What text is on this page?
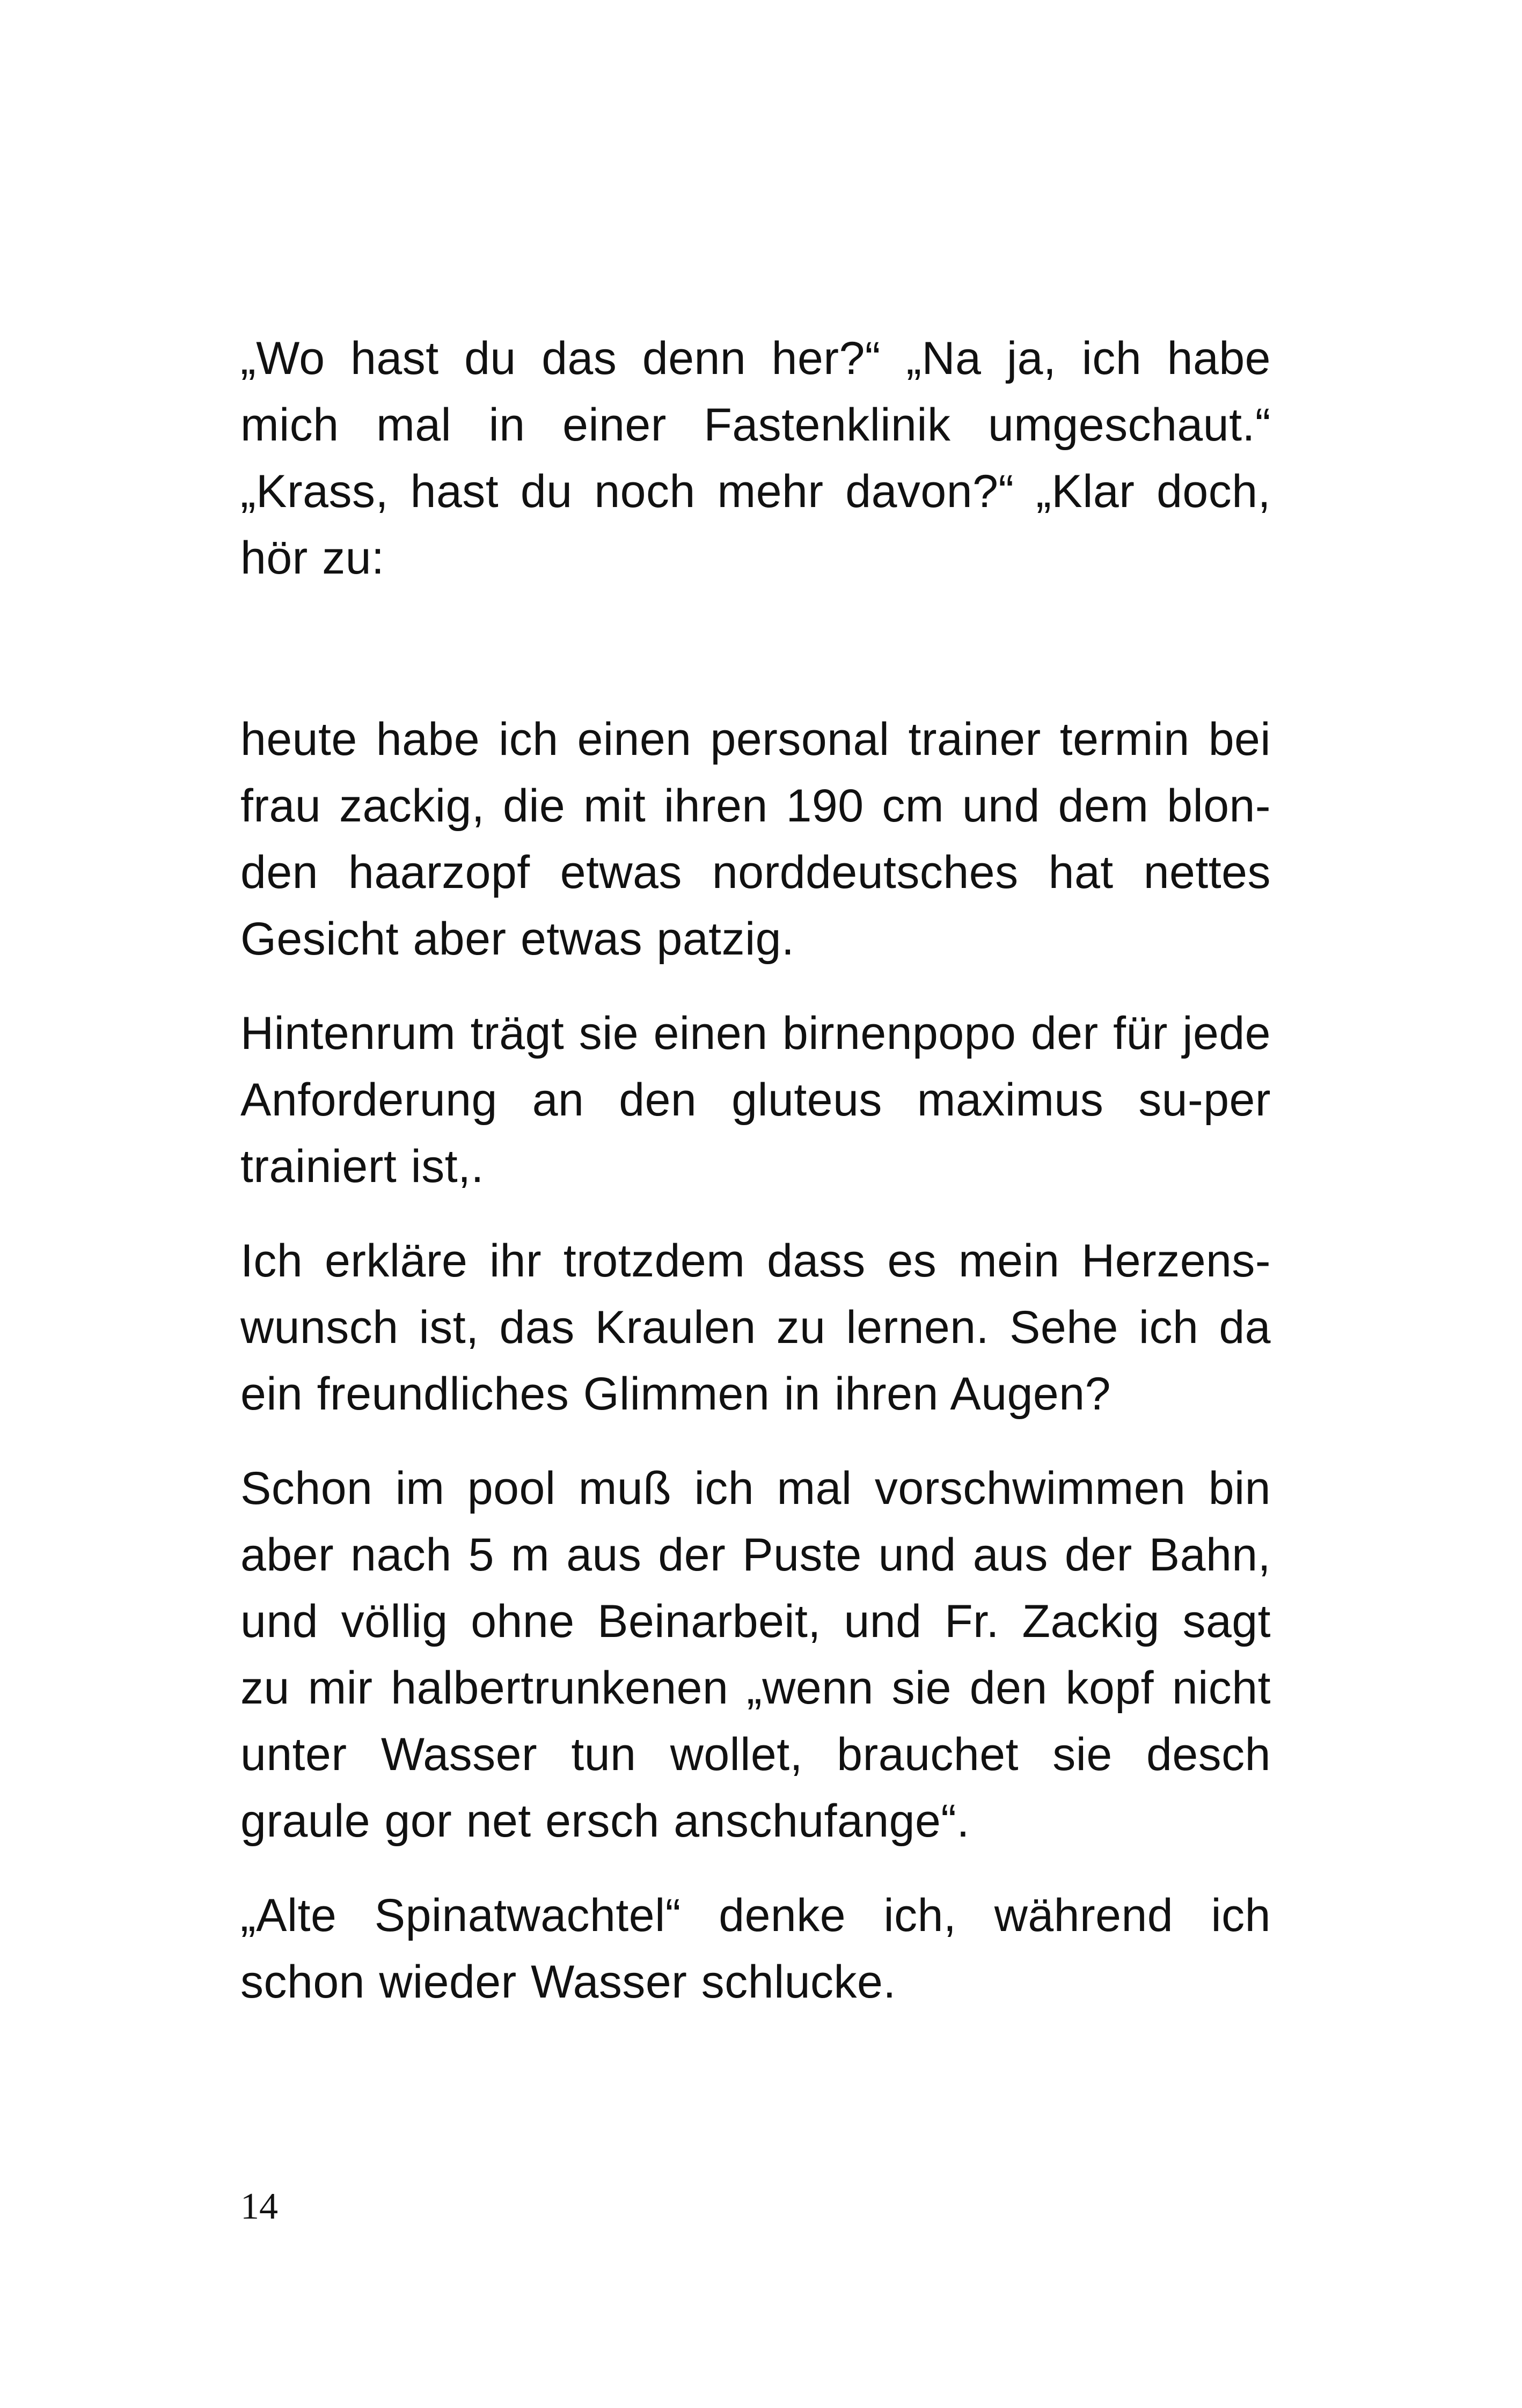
„Wo hast du das denn her?“ „Na ja, ich habe mich mal in einer Fastenklinik umgeschaut.“ „Krass, hast du noch mehr davon?“ „Klar doch, hör zu:

heute habe ich einen personal trainer termin bei frau zackig, die mit ihren 190 cm und dem blon-den haarzopf etwas norddeutsches hat nettes Gesicht aber etwas patzig.

Hintenrum trägt sie einen birnenpopo der für jede Anforderung an den gluteus maximus su-per trainiert ist,.

Ich erkläre ihr trotzdem dass es mein Herzens-wunsch ist, das Kraulen zu lernen. Sehe ich da ein freundliches Glimmen in ihren Augen?

Schon im pool muß ich mal vorschwimmen bin aber nach 5 m aus der Puste und aus der Bahn, und völlig ohne Beinarbeit, und Fr. Zackig sagt zu mir halbertrunkenen „wenn sie den kopf nicht unter Wasser tun wollet, brauchet sie desch graule gor net ersch anschufange“.

„Alte Spinatwachtel“ denke ich, während ich schon wieder Wasser schlucke.

14
